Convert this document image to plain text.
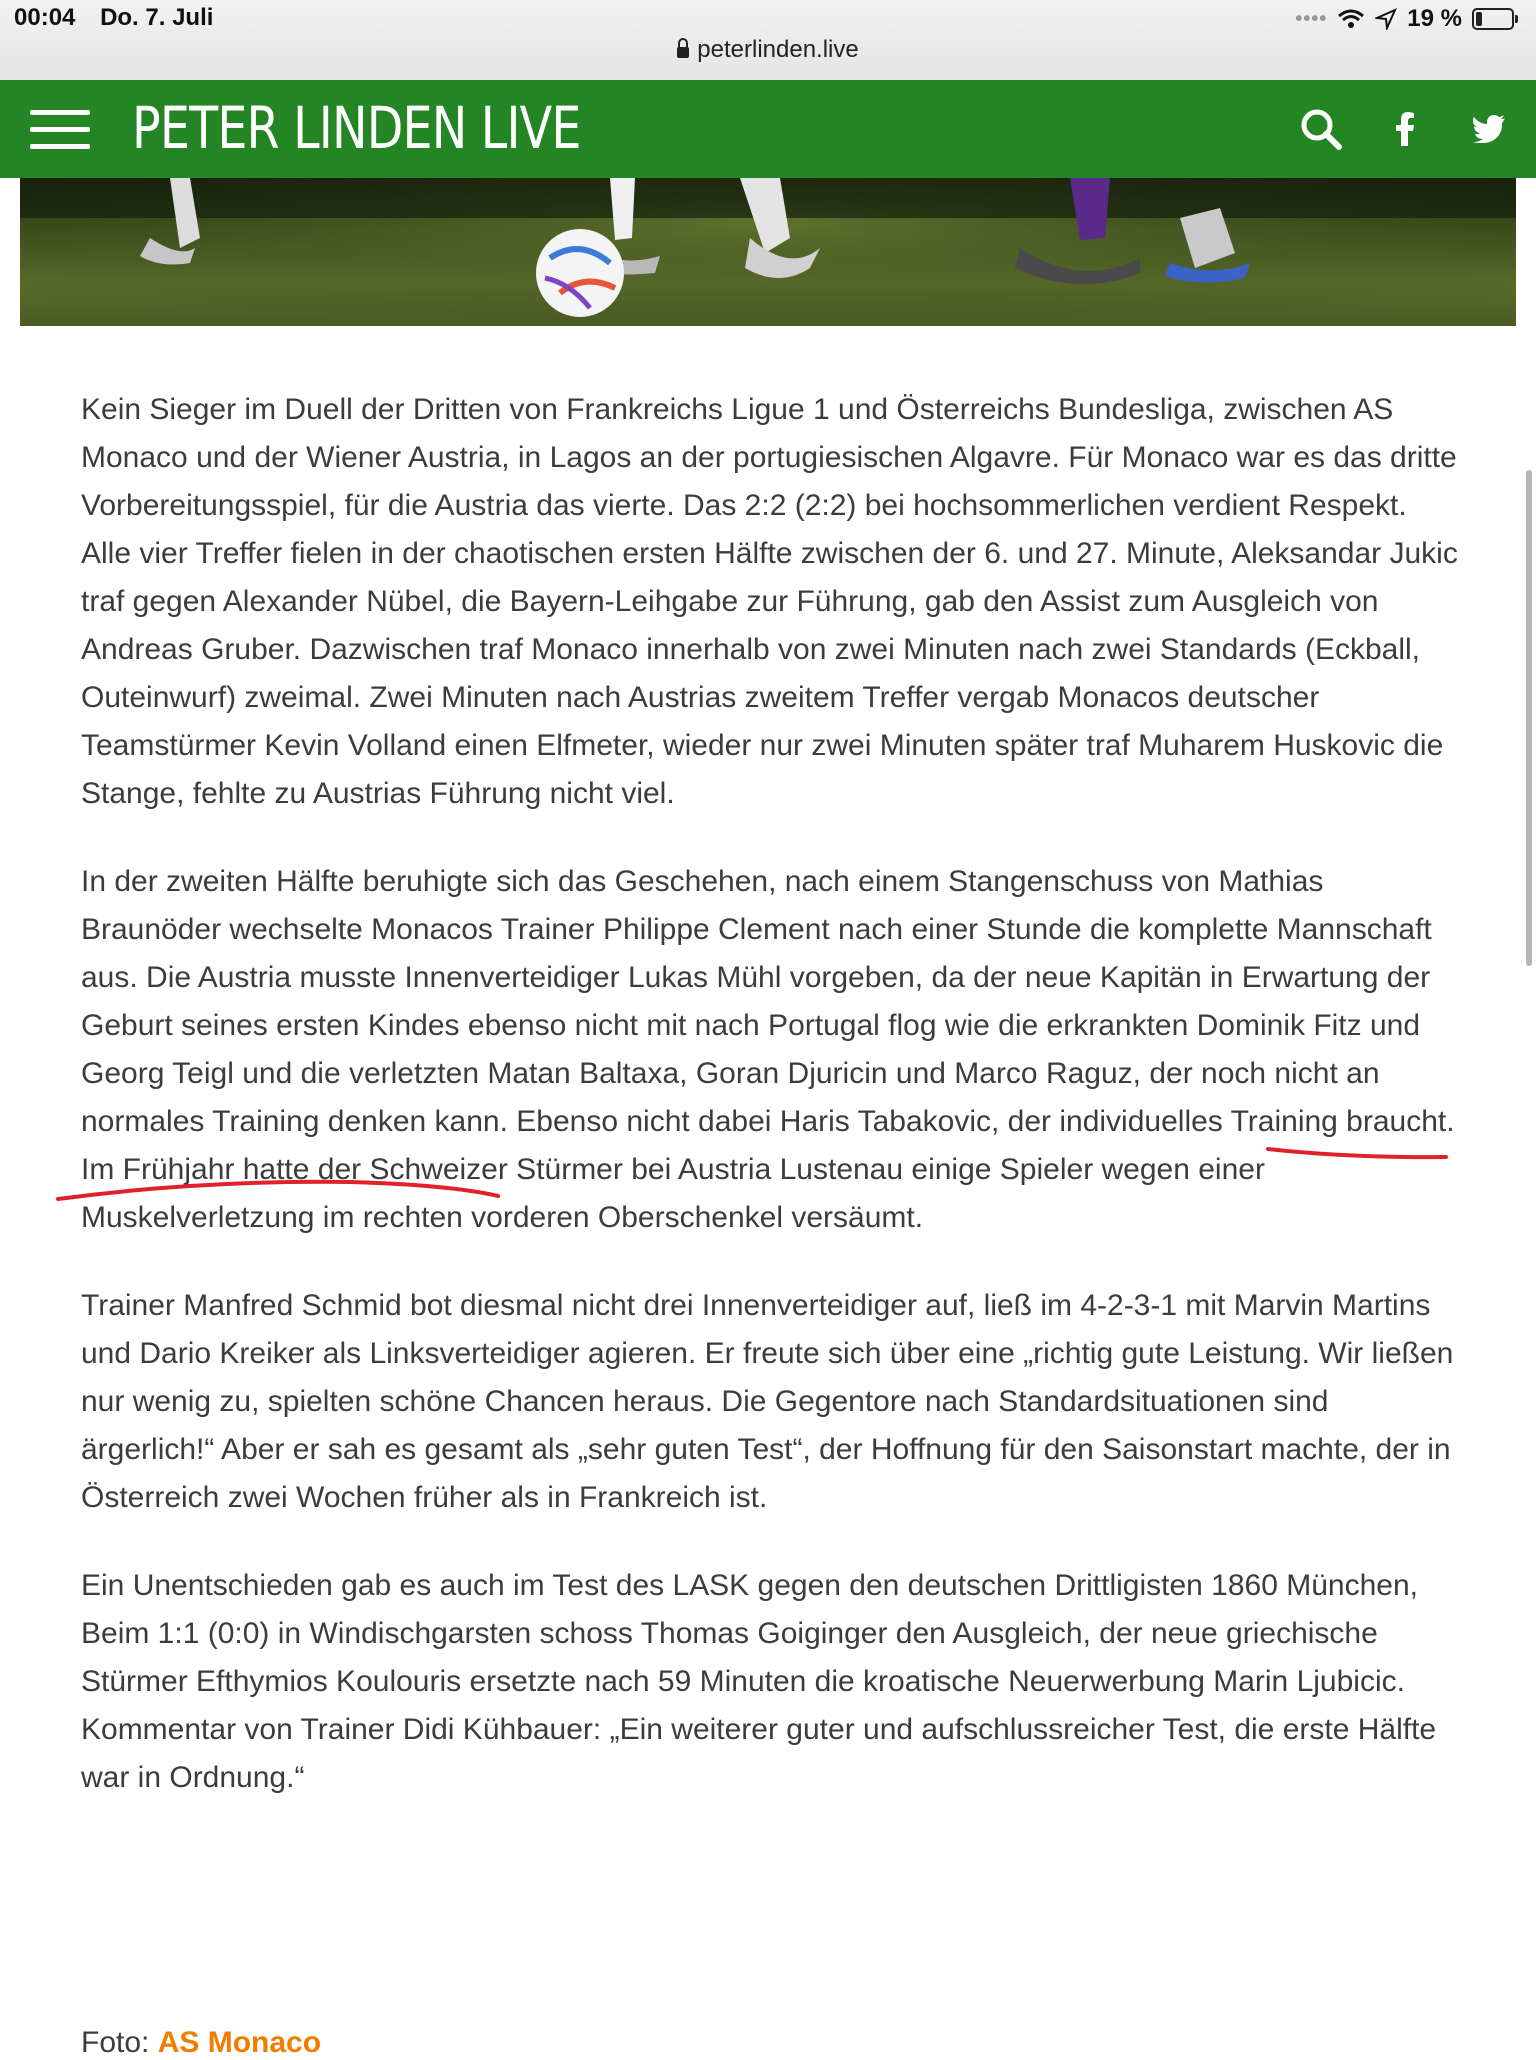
00:04 Do. 7. Juli	••••	19 %
peterlinden.live
PETER LINDEN LIVE

Kein Sieger im Duell der Dritten von Frankreichs Ligue 1 und Österreichs Bundesliga, zwischen AS Monaco und der Wiener Austria, in Lagos an der portugiesischen Algavre. Für Monaco war es das dritte Vorbereitungsspiel, für die Austria das vierte. Das 2:2 (2:2) bei hochsommerlichen verdient Respekt. Alle vier Treffer fielen in der chaotischen ersten Hälfte zwischen der 6. und 27. Minute, Aleksandar Jukic traf gegen Alexander Nübel, die Bayern-Leihgabe zur Führung, gab den Assist zum Ausgleich von Andreas Gruber. Dazwischen traf Monaco innerhalb von zwei Minuten nach zwei Standards (Eckball, Outeinwurf) zweimal. Zwei Minuten nach Austrias zweitem Treffer vergab Monacos deutscher Teamstürmer Kevin Volland einen Elfmeter, wieder nur zwei Minuten später traf Muharem Huskovic die Stange, fehlte zu Austrias Führung nicht viel.

In der zweiten Hälfte beruhigte sich das Geschehen, nach einem Stangenschuss von Mathias Braunöder wechselte Monacos Trainer Philippe Clement nach einer Stunde die komplette Mannschaft aus. Die Austria musste Innenverteidiger Lukas Mühl vorgeben, da der neue Kapitän in Erwartung der Geburt seines ersten Kindes ebenso nicht mit nach Portugal flog wie die erkrankten Dominik Fitz und Georg Teigl und die verletzten Matan Baltaxa, Goran Djuricin und Marco Raguz, der noch nicht an normales Training denken kann. Ebenso nicht dabei Haris Tabakovic, der individuelles Training braucht. Im Frühjahr hatte der Schweizer Stürmer bei Austria Lustenau einige Spieler wegen einer Muskelverletzung im rechten vorderen Oberschenkel versäumt.

Trainer Manfred Schmid bot diesmal nicht drei Innenverteidiger auf, ließ im 4-2-3-1 mit Marvin Martins und Dario Kreiker als Linksverteidiger agieren. Er freute sich über eine „richtig gute Leistung. Wir ließen nur wenig zu, spielten schöne Chancen heraus. Die Gegentore nach Standardsituationen sind ärgerlich!“ Aber er sah es gesamt als „sehr guten Test“, der Hoffnung für den Saisonstart machte, der in Österreich zwei Wochen früher als in Frankreich ist.

Ein Unentschieden gab es auch im Test des LASK gegen den deutschen Drittligisten 1860 München, Beim 1:1 (0:0) in Windischgarsten schoss Thomas Goiginger den Ausgleich, der neue griechische Stürmer Efthymios Koulouris ersetzte nach 59 Minuten die kroatische Neuerwerbung Marin Ljubicic. Kommentar von Trainer Didi Kühbauer: „Ein weiterer guter und aufschlussreicher Test, die erste Hälfte war in Ordnung.“

Foto: AS Monaco
